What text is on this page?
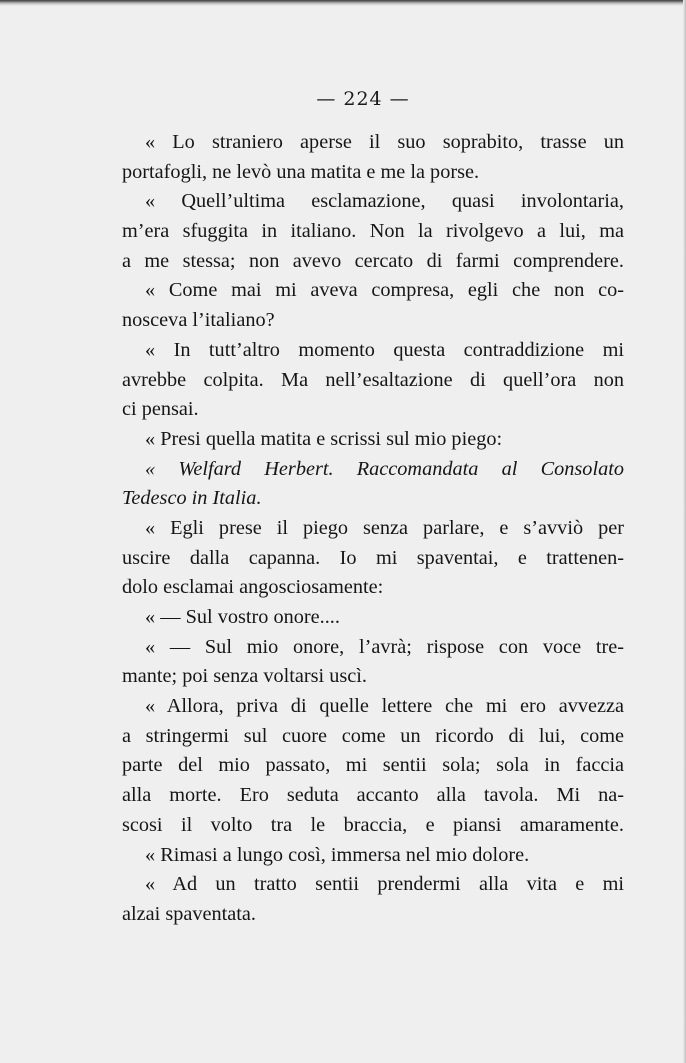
— 224 —
« Lo straniero aperse il suo soprabito, trasse un
portafogli, ne levò una matita e me la porse.
« Quell’ultima esclamazione, quasi involontaria,
m’era sfuggita in italiano. Non la rivolgevo a lui, ma
a me stessa; non avevo cercato di farmi comprendere.
« Come mai mi aveva compresa, egli che non co-
nosceva l’italiano?
« In tutt’altro momento questa contraddizione mi
avrebbe colpita. Ma nell’esaltazione di quell’ora non
ci pensai.
« Presi quella matita e scrissi sul mio piego:
« Welfard Herbert. Raccomandata al Consolato
Tedesco in Italia.
« Egli prese il piego senza parlare, e s’avviò per
uscire dalla capanna. Io mi spaventai, e trattenen-
dolo esclamai angosciosamente:
« — Sul vostro onore....
« — Sul mio onore, l’avrà; rispose con voce tre-
mante; poi senza voltarsi uscì.
« Allora, priva di quelle lettere che mi ero avvezza
a stringermi sul cuore come un ricordo di lui, come
parte del mio passato, mi sentii sola; sola in faccia
alla morte. Ero seduta accanto alla tavola. Mi na-
scosi il volto tra le braccia, e piansi amaramente.
« Rimasi a lungo così, immersa nel mio dolore.
« Ad un tratto sentii prendermi alla vita e mi
alzai spaventata.
